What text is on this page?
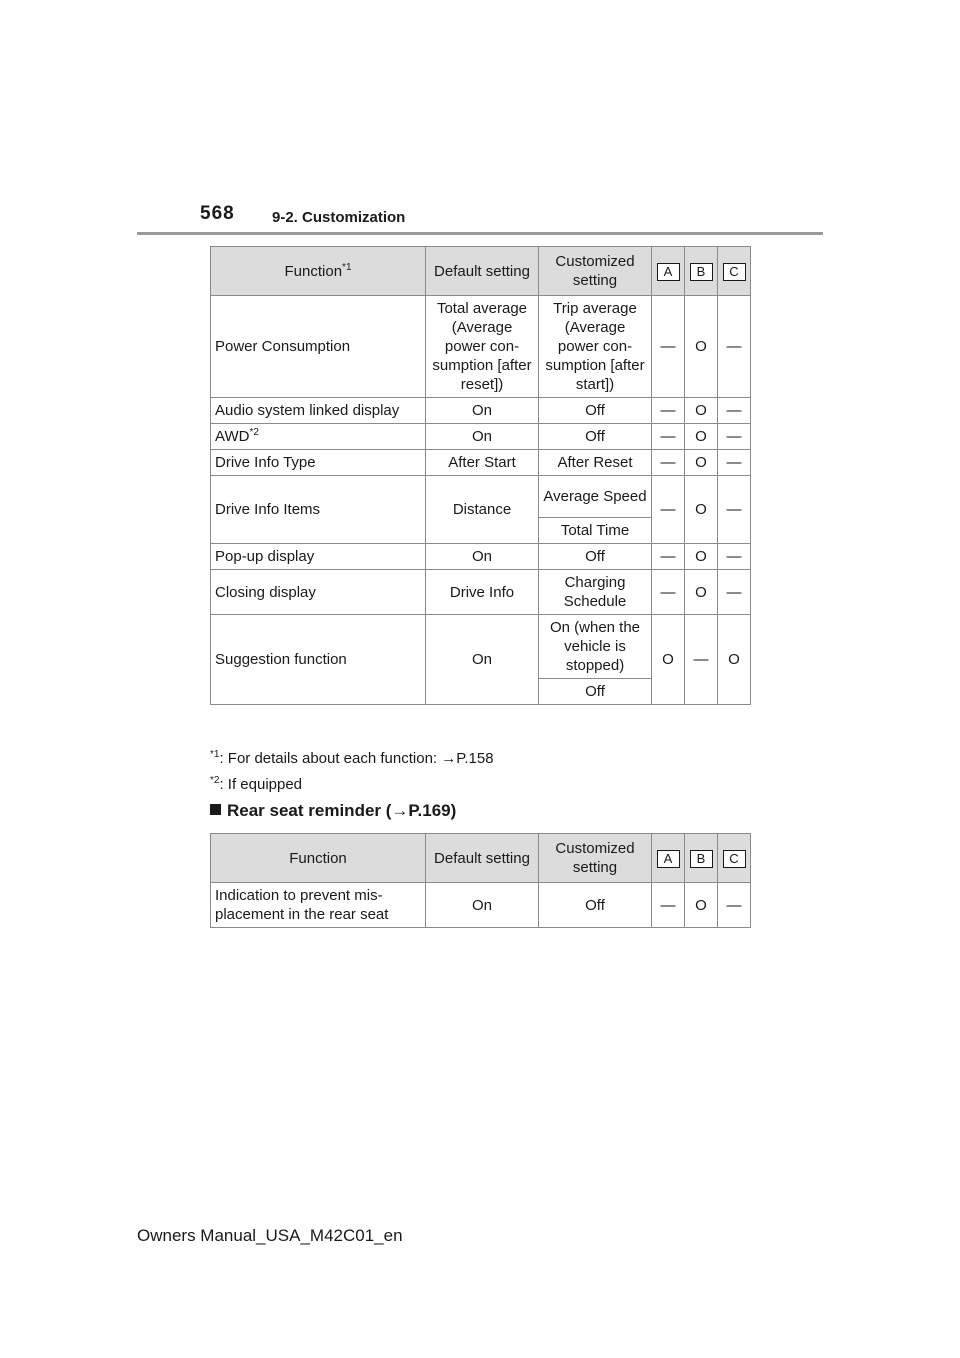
568 9-2. Customization
Function$^{*1}$	Default setting	Customized setting	A	B	C
Power Consumption	Total average (Average power con-sumption [after reset])	Trip average (Average power con-sumption [after start])	—	O	—
Audio system linked display	On	Off	—	O	—
AWD$^{*2}$	On	Off	—	O	—
Drive Info Type	After Start	After Reset	—	O	—
Drive Info Items	Distance	Average Speed	—	O	—
		Total Time			
Pop-up display	On	Off	—	O	—
Closing display	Drive Info	Charging Schedule	—	O	—
Suggestion function	On	On (when the vehicle is stopped)	O	—	O
		Off			
$^{*1}$: For details about each function: →P.158
$^{*2}$: If equipped
Rear seat reminder (→P.169)
Function	Default setting	Customized setting	A	B	C
Indication to prevent mis-placement in the rear seat	On	Off	—	O	—
Owners Manual_USA_M42C01_en
